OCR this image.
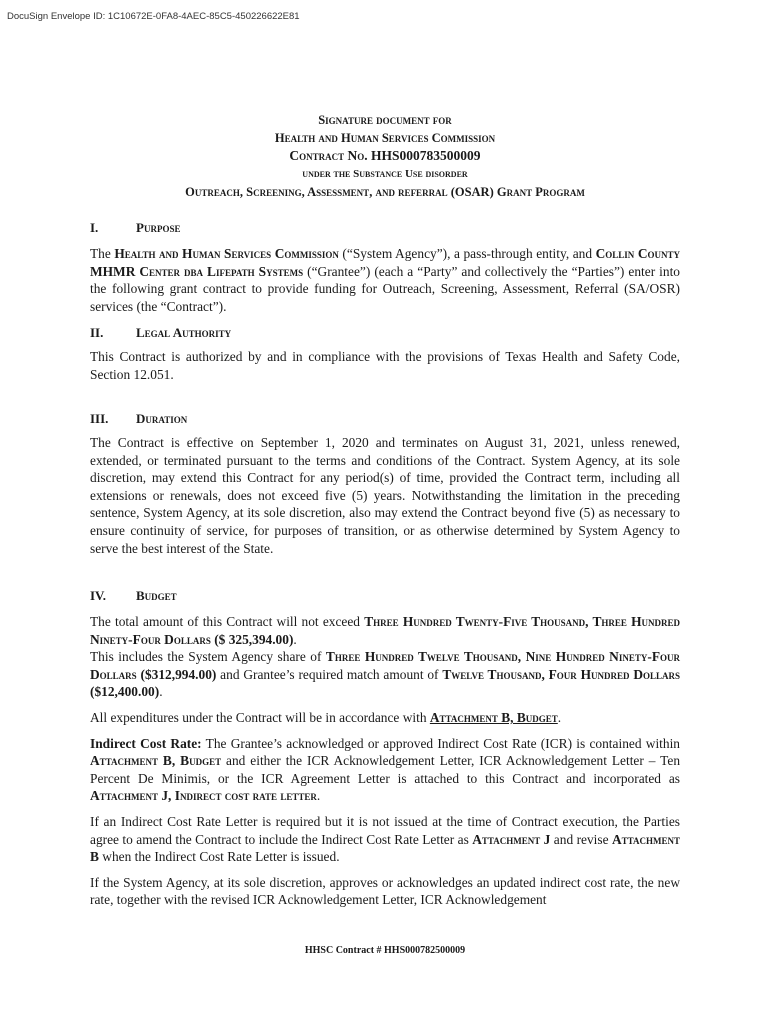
DocuSign Envelope ID: 1C10672E-0FA8-4AEC-85C5-450226622E81
Signature document for
Health and Human Services Commission
Contract No. HHS000783500009
under the Substance Use disorder
Outreach, Screening, Assessment, and referral (OSAR) Grant Program
I.	Purpose

The Health and Human Services Commission (“System Agency”), a pass-through entity, and Collin County MHMR Center dba Lifepath Systems (“Grantee”) (each a “Party” and collectively the “Parties”) enter into the following grant contract to provide funding for Outreach, Screening, Assessment, Referral (SA/OSR) services (the “Contract”).

II.	Legal Authority

This Contract is authorized by and in compliance with the provisions of Texas Health and Safety Code, Section 12.051.

III.	Duration

The Contract is effective on September 1, 2020 and terminates on August 31, 2021, unless renewed, extended, or terminated pursuant to the terms and conditions of the Contract. System Agency, at its sole discretion, may extend this Contract for any period(s) of time, provided the Contract term, including all extensions or renewals, does not exceed five (5) years. Notwithstanding the limitation in the preceding sentence, System Agency, at its sole discretion, also may extend the Contract beyond five (5) as necessary to ensure continuity of service, for purposes of transition, or as otherwise determined by System Agency to serve the best interest of the State.

IV.	Budget

The total amount of this Contract will not exceed Three Hundred Twenty-Five Thousand, Three Hundred Ninety-Four Dollars ($ 325,394.00).

This includes the System Agency share of Three Hundred Twelve Thousand, Nine Hundred Ninety-Four Dollars ($312,994.00) and Grantee’s required match amount of Twelve Thousand, Four Hundred Dollars ($12,400.00).

All expenditures under the Contract will be in accordance with Attachment B, Budget.

Indirect Cost Rate: The Grantee’s acknowledged or approved Indirect Cost Rate (ICR) is contained within Attachment B, Budget and either the ICR Acknowledgement Letter, ICR Acknowledgement Letter – Ten Percent De Minimis, or the ICR Agreement Letter is attached to this Contract and incorporated as Attachment J, Indirect cost rate letter.

If an Indirect Cost Rate Letter is required but it is not issued at the time of Contract execution, the Parties agree to amend the Contract to include the Indirect Cost Rate Letter as Attachment J and revise Attachment B when the Indirect Cost Rate Letter is issued.

If the System Agency, at its sole discretion, approves or acknowledges an updated indirect cost rate, the new rate, together with the revised ICR Acknowledgement Letter, ICR Acknowledgement

HHSC Contract # HHS000782500009
